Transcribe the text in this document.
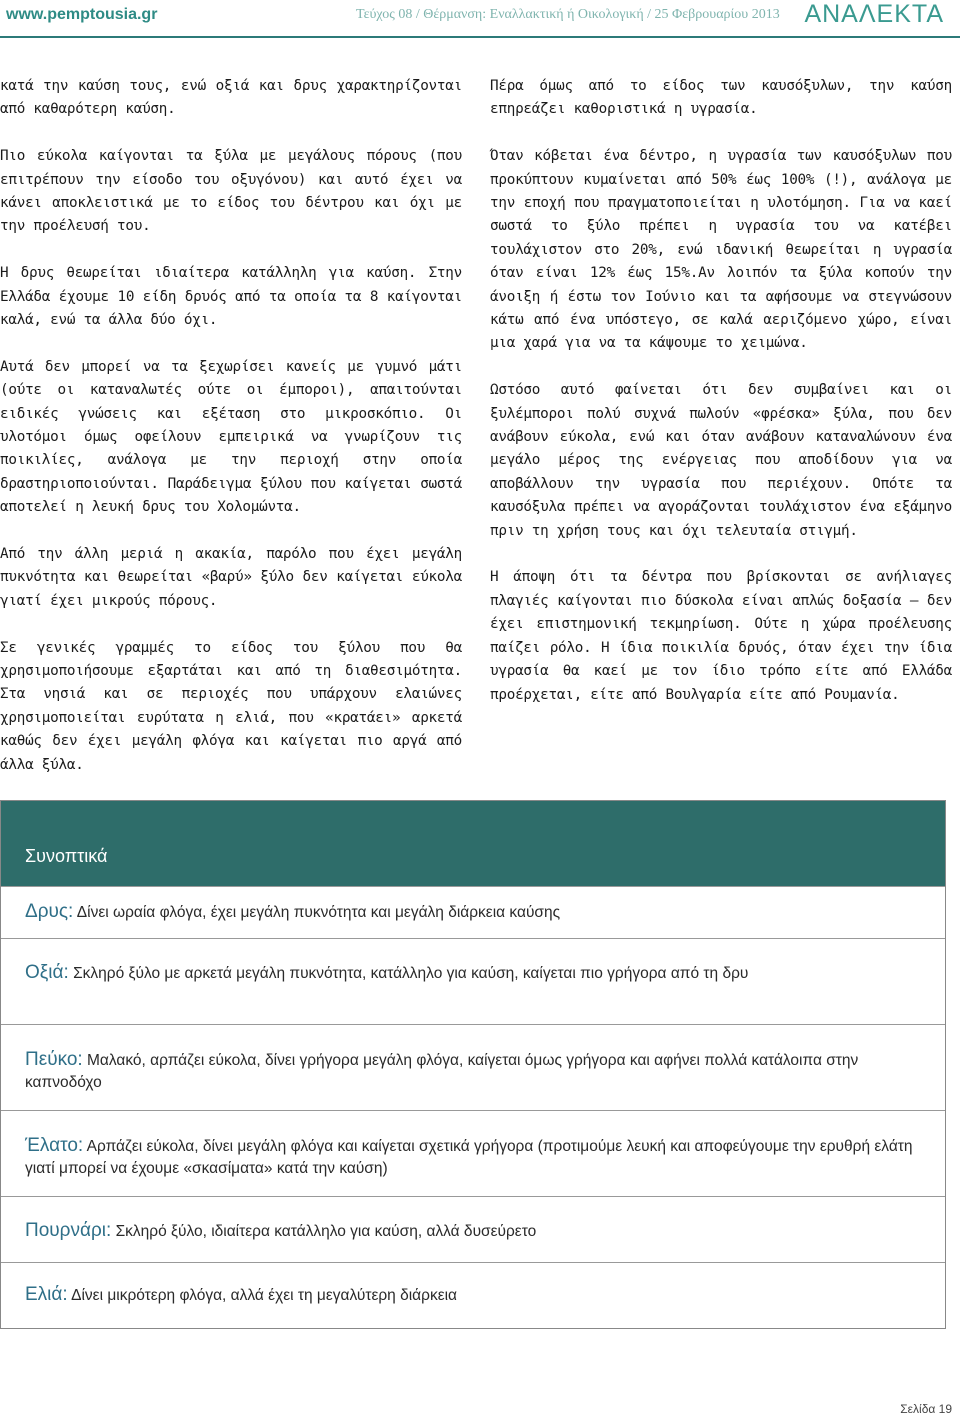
www.pemptousia.gr	Τεύχος 08 / Θέρμανση: Εναλλακτική ή Οικολογική / 25 Φεβρουαρίου 2013 ΑΝΑΛΕΚΤΑ

κατά την καύση τους, ενώ οξιά και δρυς χαρακτηρίζονται από καθαρότερη καύση.

Πιο εύκολα καίγονται τα ξύλα με μεγάλους πόρους (που επιτρέπουν την είσοδο του οξυγόνου) και αυτό έχει να κάνει αποκλειστικά με το είδος του δέντρου και όχι με την προέλευσή του.

Η δρυς θεωρείται ιδιαίτερα κατάλληλη για καύση. Στην Ελλάδα έχουμε 10 είδη δρυός από τα οποία τα 8 καίγονται καλά, ενώ τα άλλα δύο όχι.

Αυτά δεν μπορεί να τα ξεχωρίσει κανείς με γυμνό μάτι (ούτε οι καταναλωτές ούτε οι έμποροι), απαιτούνται ειδικές γνώσεις και εξέταση στο μικροσκόπιο. Οι υλοτόμοι όμως οφείλουν εμπειρικά να γνωρίζουν τις ποικιλίες, ανάλογα με την περιοχή στην οποία δραστηριοποιούνται. Παράδειγμα ξύλου που καίγεται σωστά αποτελεί η λευκή δρυς του Χολομώντα.

Από την άλλη μεριά η ακακία, παρόλο που έχει μεγάλη πυκνότητα και θεωρείται «βαρύ» ξύλο δεν καίγεται εύκολα γιατί έχει μικρούς πόρους.

Σε γενικές γραμμές το είδος του ξύλου που θα χρησιμοποιήσουμε εξαρτάται και από τη διαθεσιμότητα. Στα νησιά και σε περιοχές που υπάρχουν ελαιώνες χρησιμοποιείται ευρύτατα η ελιά, που «κρατάει» αρκετά καθώς δεν έχει μεγάλη φλόγα και καίγεται πιο αργά από άλλα ξύλα.

Πέρα όμως από το είδος των καυσόξυλων, την καύση επηρεάζει καθοριστικά η υγρασία.

Όταν κόβεται ένα δέντρο, η υγρασία των καυσόξυλων που προκύπτουν κυμαίνεται από 50% έως 100% (!), ανάλογα με την εποχή που πραγματοποιείται η υλοτόμηση. Για να καεί σωστά το ξύλο πρέπει η υγρασία του να κατέβει τουλάχιστον στο 20%, ενώ ιδανική θεωρείται η υγρασία όταν είναι 12% έως 15%.Αν λοιπόν τα ξύλα κοπούν την άνοιξη ή έστω τον Ιούνιο και τα αφήσουμε να στεγνώσουν κάτω από ένα υπόστεγο, σε καλά αεριζόμενο χώρο, είναι μια χαρά για να τα κάψουμε το χειμώνα.

Ωστόσο αυτό φαίνεται ότι δεν συμβαίνει και οι ξυλέμποροι πολύ συχνά πωλούν «φρέσκα» ξύλα, που δεν ανάβουν εύκολα, ενώ και όταν ανάβουν καταναλώνουν ένα μεγάλο μέρος της ενέργειας που αποδίδουν για να αποβάλλουν την υγρασία που περιέχουν. Οπότε τα καυσόξυλα πρέπει να αγοράζονται τουλάχιστον ένα εξάμηνο πριν τη χρήση τους και όχι τελευταία στιγμή.

Η άποψη ότι τα δέντρα που βρίσκονται σε ανήλιαγες πλαγιές καίγονται πιο δύσκολα είναι απλώς δοξασία – δεν έχει επιστημονική τεκμηρίωση. Ούτε η χώρα προέλευσης παίζει ρόλο. Η ίδια ποικιλία δρυός, όταν έχει την ίδια υγρασία θα καεί με τον ίδιο τρόπο είτε από Ελλάδα προέρχεται, είτε από Βουλγαρία είτε από Ρουμανία.

Συνοπτικά
Δρυς: Δίνει ωραία φλόγα, έχει μεγάλη πυκνότητα και μεγάλη διάρκεια καύσης
Οξιά: Σκληρό ξύλο με αρκετά μεγάλη πυκνότητα, κατάλληλο για καύση, καίγεται πιο γρήγορα από τη δρυ
Πεύκο: Μαλακό, αρπάζει εύκολα, δίνει γρήγορα μεγάλη φλόγα, καίγεται όμως γρήγορα και αφήνει πολλά κατάλοιπα στην καπνοδόχο
Έλατο: Αρπάζει εύκολα, δίνει μεγάλη φλόγα και καίγεται σχετικά γρήγορα (προτιμούμε λευκή και αποφεύγουμε την ερυθρή ελάτη γιατί μπορεί να έχουμε «σκασίματα» κατά την καύση)
Πουρνάρι: Σκληρό ξύλο, ιδιαίτερα κατάλληλο για καύση, αλλά δυσεύρετο
Ελιά: Δίνει μικρότερη φλόγα, αλλά έχει τη μεγαλύτερη διάρκεια
Σελίδα 19
